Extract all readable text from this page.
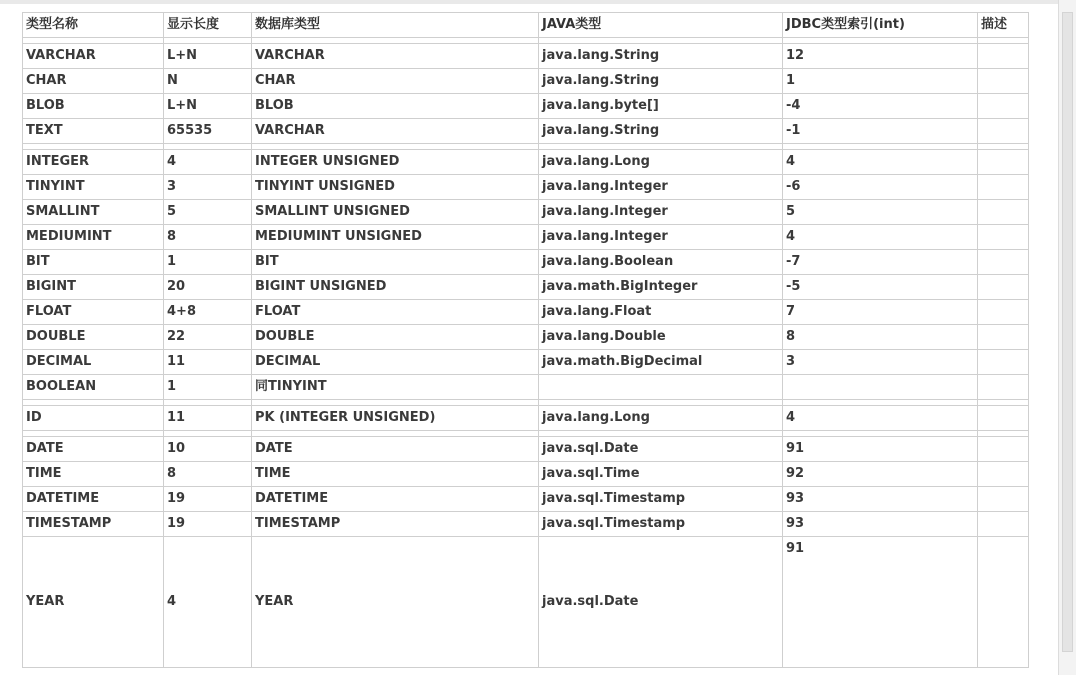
类型名称	显示长度	数据库类型	JAVA类型	JDBC类型索引(int)	描述

VARCHAR	L+N	VARCHAR	java.lang.String	12	
CHAR	N	CHAR	java.lang.String	1	
BLOB	L+N	BLOB	java.lang.byte[]	-4	
TEXT	65535	VARCHAR	java.lang.String	-1	

INTEGER	4	INTEGER UNSIGNED	java.lang.Long	4	
TINYINT	3	TINYINT UNSIGNED	java.lang.Integer	-6	
SMALLINT	5	SMALLINT UNSIGNED	java.lang.Integer	5	
MEDIUMINT	8	MEDIUMINT UNSIGNED	java.lang.Integer	4	
BIT	1	BIT	java.lang.Boolean	-7	
BIGINT	20	BIGINT UNSIGNED	java.math.BigInteger	-5	
FLOAT	4+8	FLOAT	java.lang.Float	7	
DOUBLE	22	DOUBLE	java.lang.Double	8	
DECIMAL	11	DECIMAL	java.math.BigDecimal	3	
BOOLEAN	1	同TINYINT			

ID	11	PK (INTEGER UNSIGNED)	java.lang.Long	4	

DATE	10	DATE	java.sql.Date	91	
TIME	8	TIME	java.sql.Time	92	
DATETIME	19	DATETIME	java.sql.Timestamp	93	
TIMESTAMP	19	TIMESTAMP	java.sql.Timestamp	93	
YEAR	4	YEAR	java.sql.Date	91	
